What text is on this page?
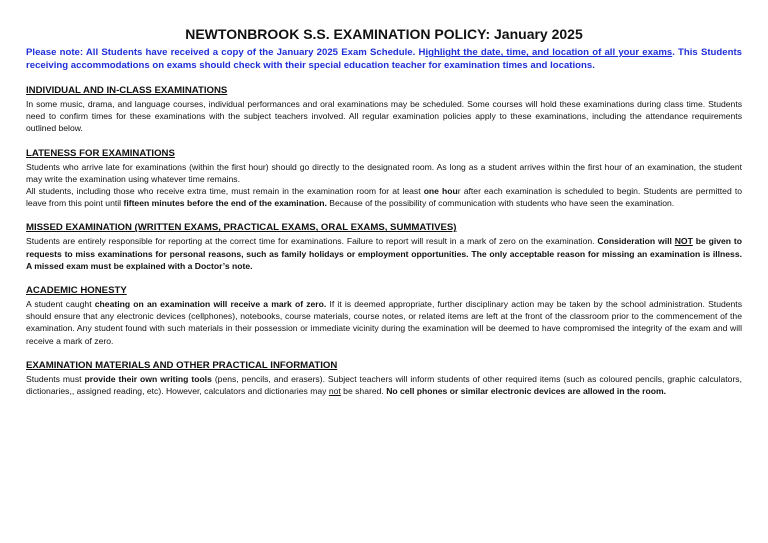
NEWTONBROOK S.S. EXAMINATION POLICY: January 2025

Please note: All Students have received a copy of the January 2025 Exam Schedule. Highlight the date, time, and location of all your exams. This Students receiving accommodations on exams should check with their special education teacher for examination times and locations.

INDIVIDUAL AND IN-CLASS EXAMINATIONS

In some music, drama, and language courses, individual performances and oral examinations may be scheduled. Some courses will hold these examinations during class time. Students need to confirm times for these examinations with the subject teachers involved. All regular examination policies apply to these examinations, including the attendance requirements outlined below.

LATENESS FOR EXAMINATIONS

Students who arrive late for examinations (within the first hour) should go directly to the designated room. As long as a student arrives within the first hour of an examination, the student may write the examination using whatever time remains.

All students, including those who receive extra time, must remain in the examination room for at least one hour after each examination is scheduled to begin. Students are permitted to leave from this point until fifteen minutes before the end of the examination. Because of the possibility of communication with students who have seen the examination.

MISSED EXAMINATION (WRITTEN EXAMS, PRACTICAL EXAMS, ORAL EXAMS, SUMMATIVES)

Students are entirely responsible for reporting at the correct time for examinations. Failure to report will result in a mark of zero on the examination. Consideration will NOT be given to requests to miss examinations for personal reasons, such as family holidays or employment opportunities. The only acceptable reason for missing an examination is illness. A missed exam must be explained with a Doctor’s note.

ACADEMIC HONESTY

A student caught cheating on an examination will receive a mark of zero. If it is deemed appropriate, further disciplinary action may be taken by the school administration. Students should ensure that any electronic devices (cellphones), notebooks, course materials, course notes, or related items are left at the front of the classroom prior to the commencement of the examination. Any student found with such materials in their possession or immediate vicinity during the examination will be deemed to have compromised the integrity of the exam and will receive a mark of zero.

EXAMINATION MATERIALS AND OTHER PRACTICAL INFORMATION

Students must provide their own writing tools (pens, pencils, and erasers). Subject teachers will inform students of other required items (such as coloured pencils, graphic calculators, dictionaries,, assigned reading, etc). However, calculators and dictionaries may not be shared. No cell phones or similar electronic devices are allowed in the room.
